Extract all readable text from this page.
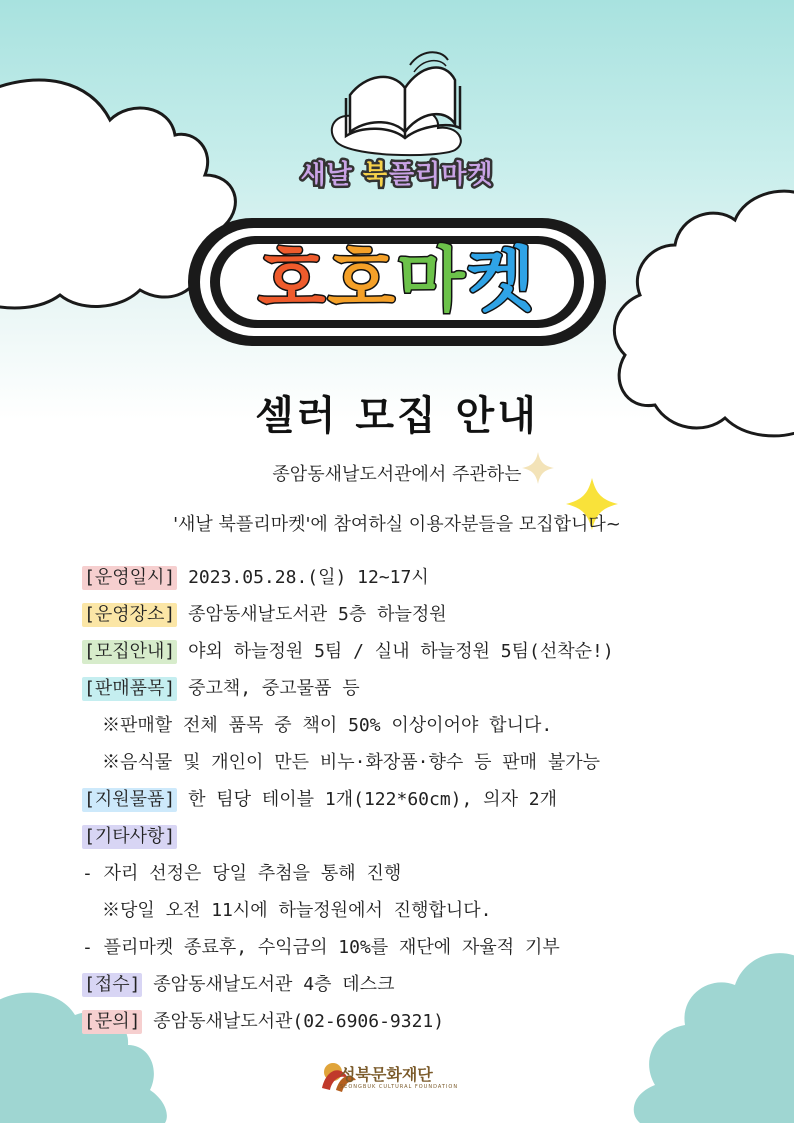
새날 북플리마켓
호호마켓
셀러 모집 안내
종암동새날도서관에서 주관하는
'새날 북플리마켓'에 참여하실 이용자분들을 모집합니다~
[운영일시] 2023.05.28.(일) 12~17시
[운영장소] 종암동새날도서관 5층 하늘정원
[모집안내] 야외 하늘정원 5팀 / 실내 하늘정원 5팀(선착순!)
[판매품목] 중고책, 중고물품 등
※판매할 전체 품목 중 책이 50% 이상이어야 합니다.
※음식물 및 개인이 만든 비누·화장품·향수 등 판매 불가능
[지원물품] 한 팀당 테이블 1개(122*60cm), 의자 2개
[기타사항]
- 자리 선정은 당일 추첨을 통해 진행
※당일 오전 11시에 하늘정원에서 진행합니다.
- 플리마켓 종료후, 수익금의 10%를 재단에 자율적 기부
[접수] 종암동새날도서관 4층 데스크
[문의] 종암동새날도서관(02-6906-9321)
성북문화재단
SEONGBUK CULTURAL FOUNDATION
